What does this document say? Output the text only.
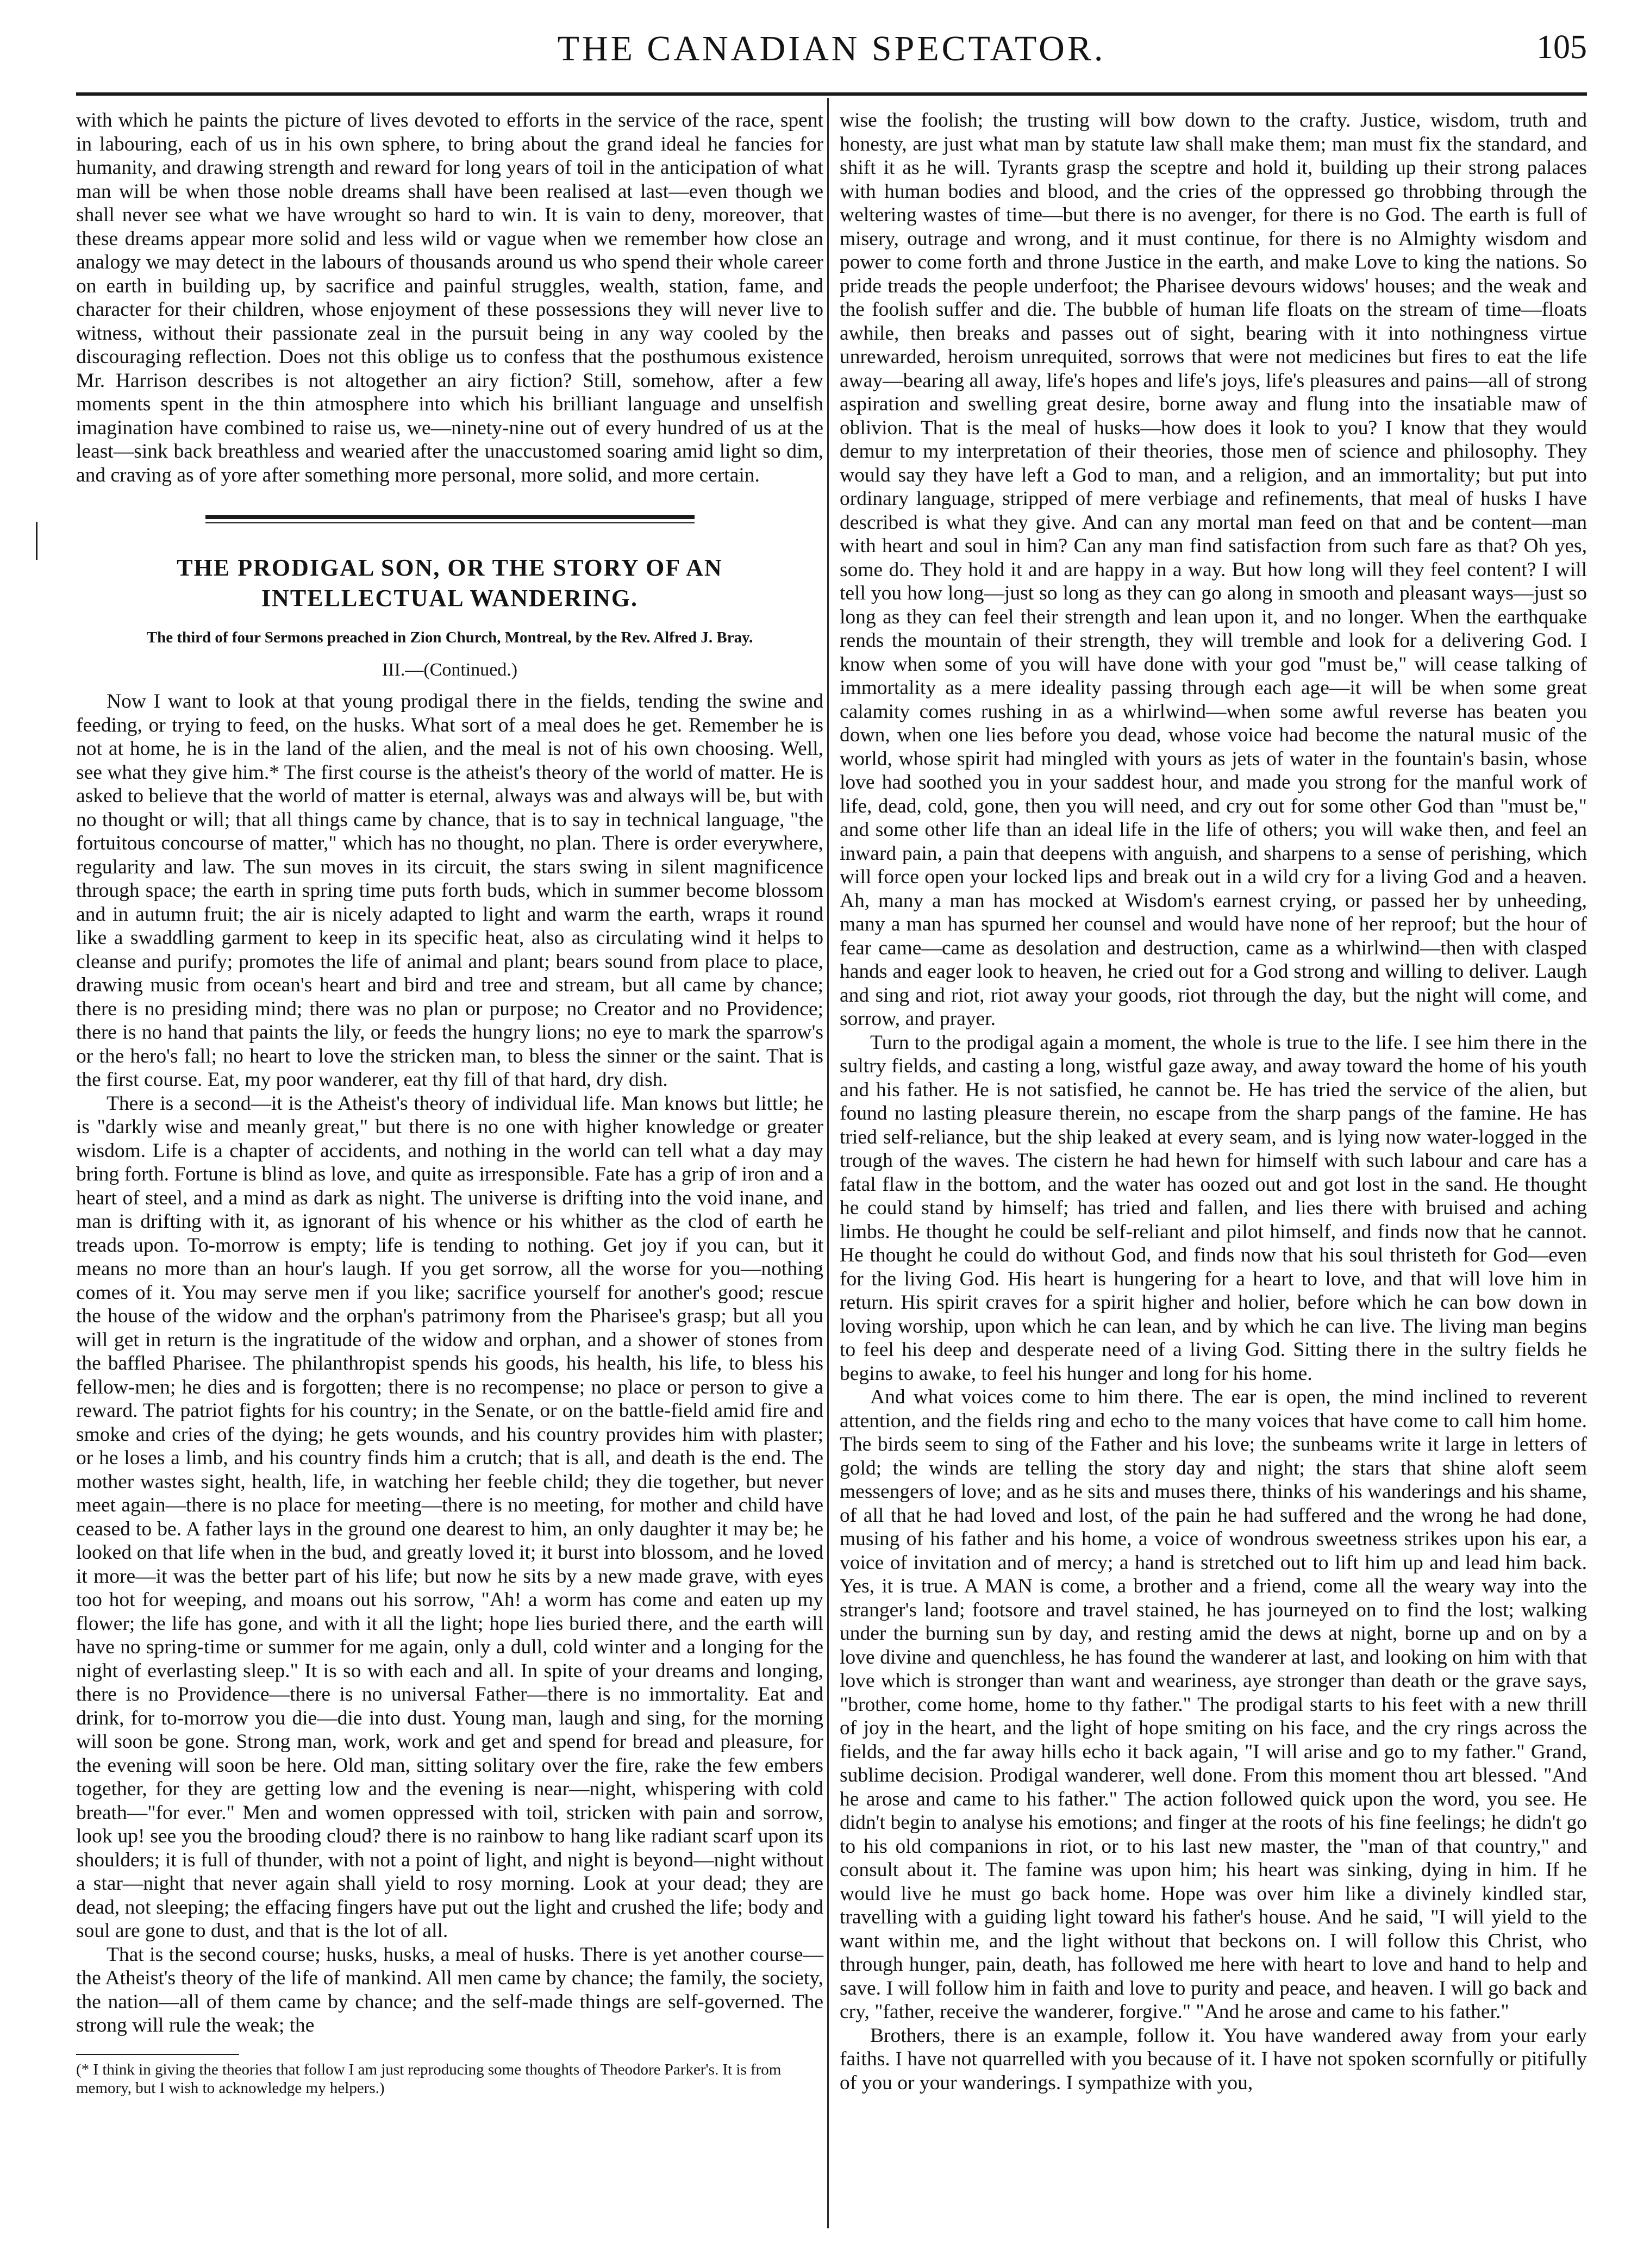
THE CANADIAN SPECTATOR.	105

with which he paints the picture of lives devoted to efforts in the service of the race, spent in labouring, each of us in his own sphere, to bring about the grand ideal he fancies for humanity, and drawing strength and reward for long years of toil in the anticipation of what man will be when those noble dreams shall have been realised at last—even though we shall never see what we have wrought so hard to win. It is vain to deny, moreover, that these dreams appear more solid and less wild or vague when we remember how close an analogy we may detect in the labours of thousands around us who spend their whole career on earth in building up, by sacrifice and painful struggles, wealth, station, fame, and character for their children, whose enjoyment of these possessions they will never live to witness, without their passionate zeal in the pursuit being in any way cooled by the discouraging reflection. Does not this oblige us to confess that the posthumous existence Mr. Harrison describes is not altogether an airy fiction? Still, somehow, after a few moments spent in the thin atmosphere into which his brilliant language and unselfish imagination have combined to raise us, we—ninety-nine out of every hundred of us at the least—sink back breathless and wearied after the unaccustomed soaring amid light so dim, and craving as of yore after something more personal, more solid, and more certain.

THE PRODIGAL SON, OR THE STORY OF AN INTELLECTUAL WANDERING.
The third of four Sermons preached in Zion Church, Montreal, by the Rev. Alfred J. Bray.
III.—(Continued.)

Now I want to look at that young prodigal there in the fields, tending the swine and feeding, or trying to feed, on the husks. What sort of a meal does he get. Remember he is not at home, he is in the land of the alien, and the meal is not of his own choosing. Well, see what they give him.* The first course is the atheist's theory of the world of matter. He is asked to believe that the world of matter is eternal, always was and always will be, but with no thought or will; that all things came by chance, that is to say in technical language, "the fortuitous concourse of matter," which has no thought, no plan. There is order everywhere, regularity and law. The sun moves in its circuit, the stars swing in silent magnificence through space; the earth in spring time puts forth buds, which in summer become blossom and in autumn fruit; the air is nicely adapted to light and warm the earth, wraps it round like a swaddling garment to keep in its specific heat, also as circulating wind it helps to cleanse and purify; promotes the life of animal and plant; bears sound from place to place, drawing music from ocean's heart and bird and tree and stream, but all came by chance; there is no presiding mind; there was no plan or purpose; no Creator and no Providence; there is no hand that paints the lily, or feeds the hungry lions; no eye to mark the sparrow's or the hero's fall; no heart to love the stricken man, to bless the sinner or the saint. That is the first course. Eat, my poor wanderer, eat thy fill of that hard, dry dish.

There is a second—it is the Atheist's theory of individual life. Man knows but little; he is "darkly wise and meanly great," but there is no one with higher knowledge or greater wisdom. Life is a chapter of accidents, and nothing in the world can tell what a day may bring forth. Fortune is blind as love, and quite as irresponsible. Fate has a grip of iron and a heart of steel, and a mind as dark as night. The universe is drifting into the void inane, and man is drifting with it, as ignorant of his whence or his whither as the clod of earth he treads upon. To-morrow is empty; life is tending to nothing. Get joy if you can, but it means no more than an hour's laugh. If you get sorrow, all the worse for you—nothing comes of it. You may serve men if you like; sacrifice yourself for another's good; rescue the house of the widow and the orphan's patrimony from the Pharisee's grasp; but all you will get in return is the ingratitude of the widow and orphan, and a shower of stones from the baffled Pharisee. The philanthropist spends his goods, his health, his life, to bless his fellow-men; he dies and is forgotten; there is no recompense; no place or person to give a reward. The patriot fights for his country; in the Senate, or on the battle-field amid fire and smoke and cries of the dying; he gets wounds, and his country provides him with plaster; or he loses a limb, and his country finds him a crutch; that is all, and death is the end. The mother wastes sight, health, life, in watching her feeble child; they die together, but never meet again—there is no place for meeting—there is no meeting, for mother and child have ceased to be. A father lays in the ground one dearest to him, an only daughter it may be; he looked on that life when in the bud, and greatly loved it; it burst into blossom, and he loved it more—it was the better part of his life; but now he sits by a new made grave, with eyes too hot for weeping, and moans out his sorrow, "Ah! a worm has come and eaten up my flower; the life has gone, and with it all the light; hope lies buried there, and the earth will have no spring-time or summer for me again, only a dull, cold winter and a longing for the night of everlasting sleep." It is so with each and all. In spite of your dreams and longing, there is no Providence—there is no universal Father—there is no immortality. Eat and drink, for to-morrow you die—die into dust. Young man, laugh and sing, for the morning will soon be gone. Strong man, work, work and get and spend for bread and pleasure, for the evening will soon be here. Old man, sitting solitary over the fire, rake the few embers together, for they are getting low and the evening is near—night, whispering with cold breath—"for ever." Men and women oppressed with toil, stricken with pain and sorrow, look up! see you the brooding cloud? there is no rainbow to hang like radiant scarf upon its shoulders; it is full of thunder, with not a point of light, and night is beyond—night without a star—night that never again shall yield to rosy morning. Look at your dead; they are dead, not sleeping; the effacing fingers have put out the light and crushed the life; body and soul are gone to dust, and that is the lot of all.

That is the second course; husks, husks, a meal of husks. There is yet another course—the Atheist's theory of the life of mankind. All men came by chance; the family, the society, the nation—all of them came by chance; and the self-made things are self-governed. The strong will rule the weak; the

(* I think in giving the theories that follow I am just reproducing some thoughts of Theodore Parker's. It is from memory, but I wish to acknowledge my helpers.)

wise the foolish; the trusting will bow down to the crafty. Justice, wisdom, truth and honesty, are just what man by statute law shall make them; man must fix the standard, and shift it as he will. Tyrants grasp the sceptre and hold it, building up their strong palaces with human bodies and blood, and the cries of the oppressed go throbbing through the weltering wastes of time—but there is no avenger, for there is no God. The earth is full of misery, outrage and wrong, and it must continue, for there is no Almighty wisdom and power to come forth and throne Justice in the earth, and make Love to king the nations. So pride treads the people underfoot; the Pharisee devours widows' houses; and the weak and the foolish suffer and die. The bubble of human life floats on the stream of time—floats awhile, then breaks and passes out of sight, bearing with it into nothingness virtue unrewarded, heroism unrequited, sorrows that were not medicines but fires to eat the life away—bearing all away, life's hopes and life's joys, life's pleasures and pains—all of strong aspiration and swelling great desire, borne away and flung into the insatiable maw of oblivion. That is the meal of husks—how does it look to you? I know that they would demur to my interpretation of their theories, those men of science and philosophy. They would say they have left a God to man, and a religion, and an immortality; but put into ordinary language, stripped of mere verbiage and refinements, that meal of husks I have described is what they give. And can any mortal man feed on that and be content—man with heart and soul in him? Can any man find satisfaction from such fare as that? Oh yes, some do. They hold it and are happy in a way. But how long will they feel content? I will tell you how long—just so long as they can go along in smooth and pleasant ways—just so long as they can feel their strength and lean upon it, and no longer. When the earthquake rends the mountain of their strength, they will tremble and look for a delivering God. I know when some of you will have done with your god "must be," will cease talking of immortality as a mere ideality passing through each age—it will be when some great calamity comes rushing in as a whirlwind—when some awful reverse has beaten you down, when one lies before you dead, whose voice had become the natural music of the world, whose spirit had mingled with yours as jets of water in the fountain's basin, whose love had soothed you in your saddest hour, and made you strong for the manful work of life, dead, cold, gone, then you will need, and cry out for some other God than "must be," and some other life than an ideal life in the life of others; you will wake then, and feel an inward pain, a pain that deepens with anguish, and sharpens to a sense of perishing, which will force open your locked lips and break out in a wild cry for a living God and a heaven. Ah, many a man has mocked at Wisdom's earnest crying, or passed her by unheeding, many a man has spurned her counsel and would have none of her reproof; but the hour of fear came—came as desolation and destruction, came as a whirlwind—then with clasped hands and eager look to heaven, he cried out for a God strong and willing to deliver. Laugh and sing and riot, riot away your goods, riot through the day, but the night will come, and sorrow, and prayer.

Turn to the prodigal again a moment, the whole is true to the life. I see him there in the sultry fields, and casting a long, wistful gaze away, and away toward the home of his youth and his father. He is not satisfied, he cannot be. He has tried the service of the alien, but found no lasting pleasure therein, no escape from the sharp pangs of the famine. He has tried self-reliance, but the ship leaked at every seam, and is lying now water-logged in the trough of the waves. The cistern he had hewn for himself with such labour and care has a fatal flaw in the bottom, and the water has oozed out and got lost in the sand. He thought he could stand by himself; has tried and fallen, and lies there with bruised and aching limbs. He thought he could be self-reliant and pilot himself, and finds now that he cannot. He thought he could do without God, and finds now that his soul thristeth for God—even for the living God. His heart is hungering for a heart to love, and that will love him in return. His spirit craves for a spirit higher and holier, before which he can bow down in loving worship, upon which he can lean, and by which he can live. The living man begins to feel his deep and desperate need of a living God. Sitting there in the sultry fields he begins to awake, to feel his hunger and long for his home.

And what voices come to him there. The ear is open, the mind inclined to reverent attention, and the fields ring and echo to the many voices that have come to call him home. The birds seem to sing of the Father and his love; the sunbeams write it large in letters of gold; the winds are telling the story day and night; the stars that shine aloft seem messengers of love; and as he sits and muses there, thinks of his wanderings and his shame, of all that he had loved and lost, of the pain he had suffered and the wrong he had done, musing of his father and his home, a voice of wondrous sweetness strikes upon his ear, a voice of invitation and of mercy; a hand is stretched out to lift him up and lead him back. Yes, it is true. A MAN is come, a brother and a friend, come all the weary way into the stranger's land; footsore and travel stained, he has journeyed on to find the lost; walking under the burning sun by day, and resting amid the dews at night, borne up and on by a love divine and quenchless, he has found the wanderer at last, and looking on him with that love which is stronger than want and weariness, aye stronger than death or the grave says, "brother, come home, home to thy father." The prodigal starts to his feet with a new thrill of joy in the heart, and the light of hope smiting on his face, and the cry rings across the fields, and the far away hills echo it back again, "I will arise and go to my father." Grand, sublime decision. Prodigal wanderer, well done. From this moment thou art blessed. "And he arose and came to his father." The action followed quick upon the word, you see. He didn't begin to analyse his emotions; and finger at the roots of his fine feelings; he didn't go to his old companions in riot, or to his last new master, the "man of that country," and consult about it. The famine was upon him; his heart was sinking, dying in him. If he would live he must go back home. Hope was over him like a divinely kindled star, travelling with a guiding light toward his father's house. And he said, "I will yield to the want within me, and the light without that beckons on. I will follow this Christ, who through hunger, pain, death, has followed me here with heart to love and hand to help and save. I will follow him in faith and love to purity and peace, and heaven. I will go back and cry, "father, receive the wanderer, forgive." "And he arose and came to his father."

Brothers, there is an example, follow it. You have wandered away from your early faiths. I have not quarrelled with you because of it. I have not spoken scornfully or pitifully of you or your wanderings. I sympathize with you,
